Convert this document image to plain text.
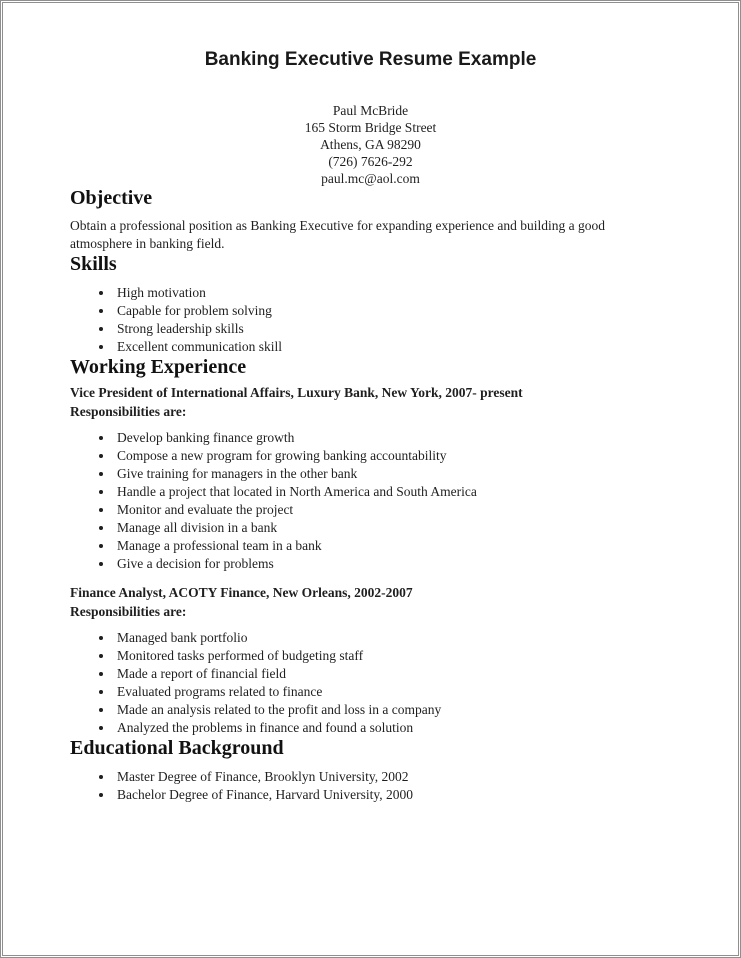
Banking Executive Resume Example
Paul McBride
165 Storm Bridge Street
Athens, GA 98290
(726) 7626-292
paul.mc@aol.com
Objective

Obtain a professional position as Banking Executive for expanding experience and building a good atmosphere in banking field.

Skills
• High motivation
• Capable for problem solving
• Strong leadership skills
• Excellent communication skill
Working Experience

Vice President of International Affairs, Luxury Bank, New York, 2007- present

Responsibilities are:

• Develop banking finance growth
• Compose a new program for growing banking accountability
• Give training for managers in the other bank
• Handle a project that located in North America and South America
• Monitor and evaluate the project
• Manage all division in a bank
• Manage a professional team in a bank
• Give a decision for problems

Finance Analyst, ACOTY Finance, New Orleans, 2002-2007

Responsibilities are:

• Managed bank portfolio
• Monitored tasks performed of budgeting staff
• Made a report of financial field
• Evaluated programs related to finance
• Made an analysis related to the profit and loss in a company
• Analyzed the problems in finance and found a solution
Educational Background
• Master Degree of Finance, Brooklyn University, 2002
• Bachelor Degree of Finance, Harvard University, 2000
